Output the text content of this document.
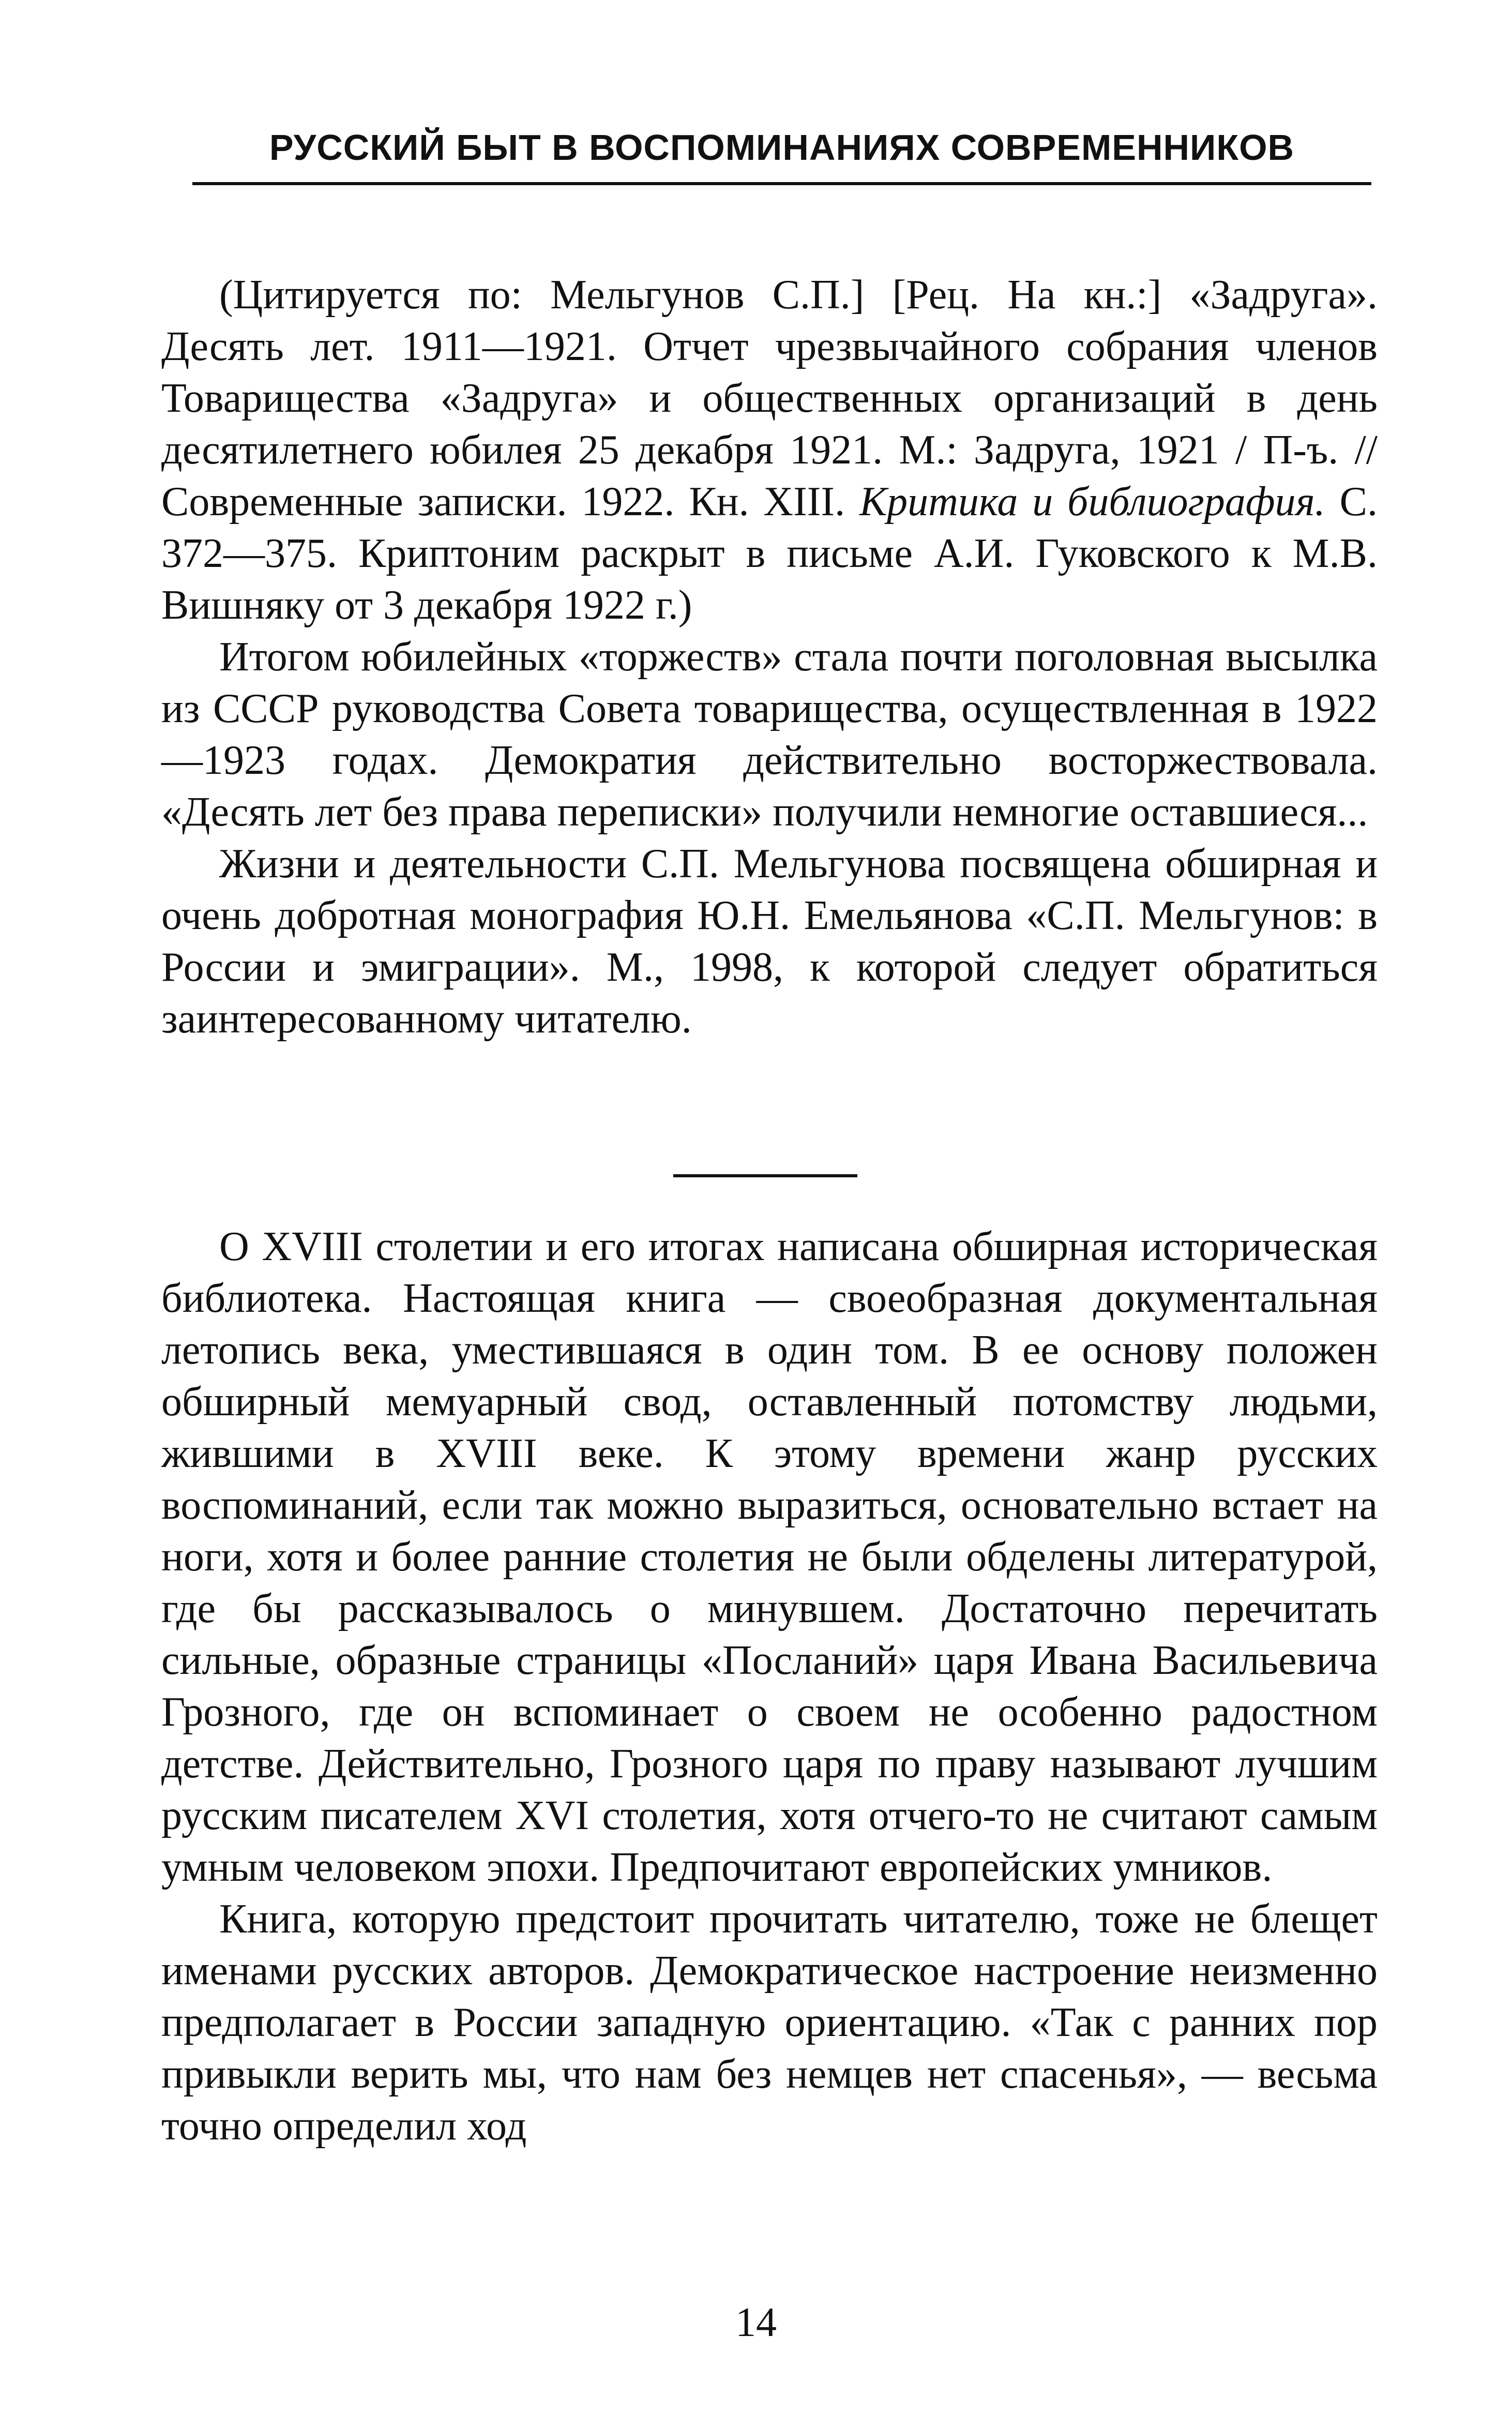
РУССКИЙ БЫТ В ВОСПОМИНАНИЯХ СОВРЕМЕННИКОВ

(Цитируется по: Мельгунов С.П.] [Рец. На кн.:] «Задруга». Десять лет. 1911—1921. Отчет чрезвычайного собрания членов Товарищества «Задруга» и общественных организаций в день десятилетнего юбилея 25 декабря 1921. М.: Задруга, 1921 / П-ъ. // Современные записки. 1922. Кн. XIII. Критика и библиография. С. 372—375. Криптоним раскрыт в письме А.И. Гуковского к М.В. Вишняку от 3 декабря 1922 г.)

Итогом юбилейных «торжеств» стала почти поголовная высылка из СССР руководства Совета товарищества, осуществленная в 1922—1923 годах. Демократия действительно восторжествовала. «Десять лет без права переписки» получили немногие оставшиеся...

Жизни и деятельности С.П. Мельгунова посвящена обширная и очень добротная монография Ю.Н. Емельянова «С.П. Мельгунов: в России и эмиграции». М., 1998, к которой следует обратиться заинтересованному читателю.

О XVIII столетии и его итогах написана обширная историческая библиотека. Настоящая книга — своеобразная документальная летопись века, уместившаяся в один том. В ее основу положен обширный мемуарный свод, оставленный потомству людьми, жившими в XVIII веке. К этому времени жанр русских воспоминаний, если так можно выразиться, основательно встает на ноги, хотя и более ранние столетия не были обделены литературой, где бы рассказывалось о минувшем. Достаточно перечитать сильные, образные страницы «Посланий» царя Ивана Васильевича Грозного, где он вспоминает о своем не особенно радостном детстве. Действительно, Грозного царя по праву называют лучшим русским писателем XVI столетия, хотя отчего-то не считают самым умным человеком эпохи. Предпочитают европейских умников.

Книга, которую предстоит прочитать читателю, тоже не блещет именами русских авторов. Демократическое настроение неизменно предполагает в России западную ориентацию. «Так с ранних пор привыкли верить мы, что нам без немцев нет спасенья», — весьма точно определил ход

14
